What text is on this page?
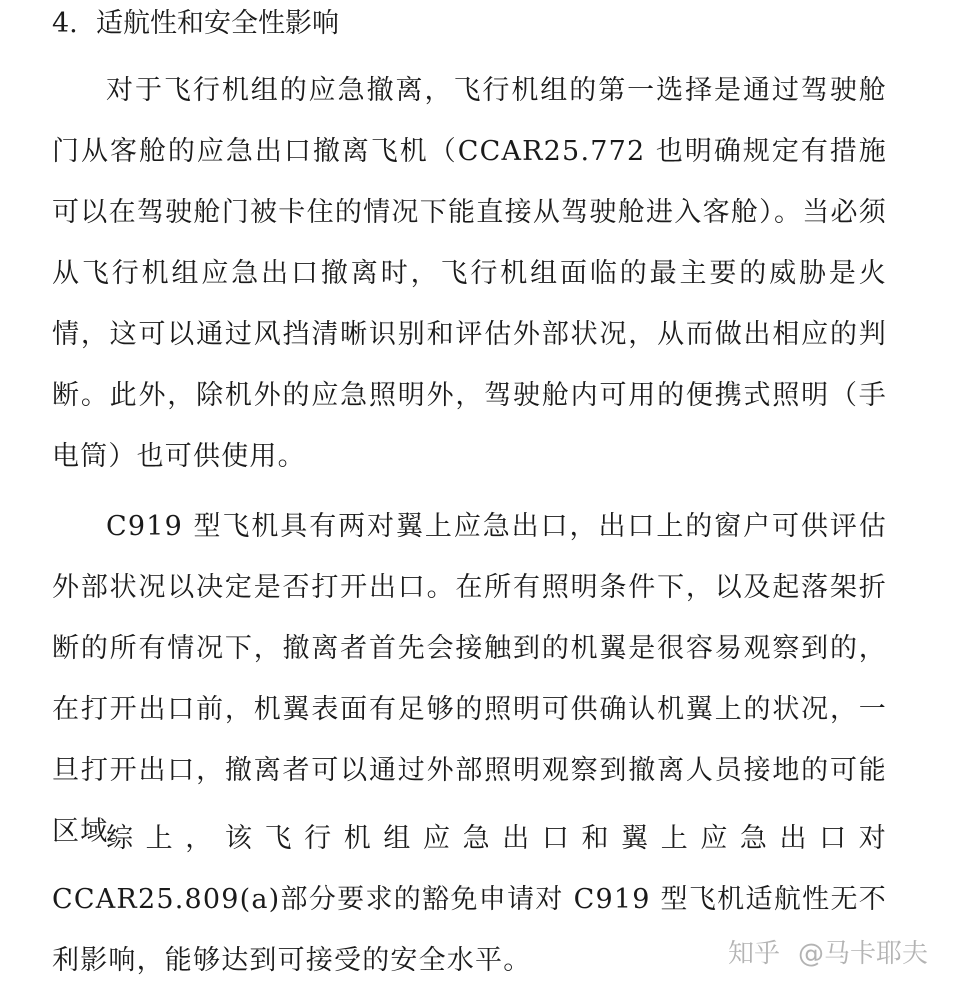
4. 适航性和安全性影响

对于飞行机组的应急撤离，飞行机组的第一选择是通过驾驶舱门从客舱的应急出口撤离飞机（CCAR25.772 也明确规定有措施可以在驾驶舱门被卡住的情况下能直接从驾驶舱进入客舱）。当必须从飞行机组应急出口撤离时，飞行机组面临的最主要的威胁是火情，这可以通过风挡清晰识别和评估外部状况，从而做出相应的判断。此外，除机外的应急照明外，驾驶舱内可用的便携式照明（手电筒）也可供使用。

C919 型飞机具有两对翼上应急出口，出口上的窗户可供评估外部状况以决定是否打开出口。在所有照明条件下，以及起落架折断的所有情况下，撤离者首先会接触到的机翼是很容易观察到的，在打开出口前，机翼表面有足够的照明可供确认机翼上的状况，一旦打开出口，撤离者可以通过外部照明观察到撤离人员接地的可能区域。

综上，该飞行机组应急出口和翼上应急出口对 CCAR25.809(a)部分要求的豁免申请对 C919 型飞机适航性无不利影响，能够达到可接受的安全水平。	知乎 @马卡耶夫
